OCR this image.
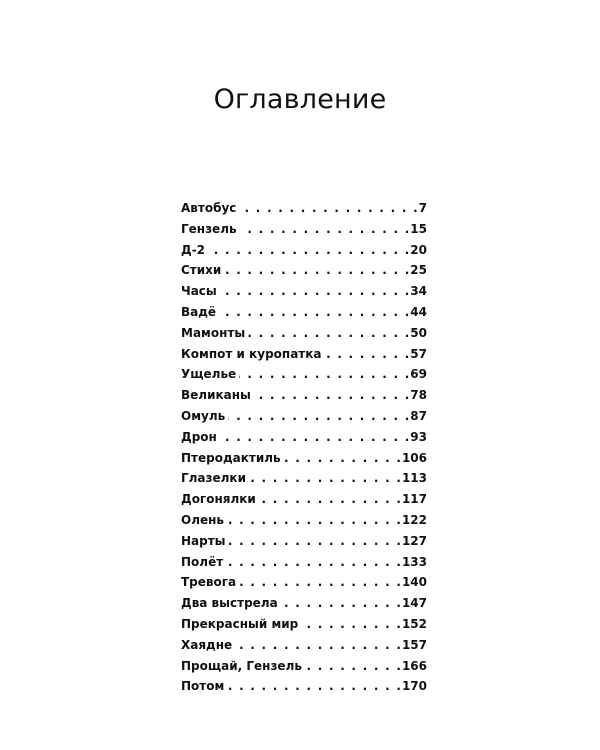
Оглавление
Автобус . . .	7
Гензель . . .	15
Д-2 . . .	20
Стихи . . .	25
Часы . . .	34
Вадё . . .	44
Мамонты . . .	50
Компот и куропатка . . .	57
Ущелье . . .	69
Великаны . . .	78
Омуль . . .	87
Дрон . . .	93
Птеродактиль . . .	106
Глазелки . . .	113
Догонялки . . .	117
Олень . . .	122
Нарты . . .	127
Полёт . . .	133
Тревога . . .	140
Два выстрела . . .	147
Прекрасный мир . . .	152
Хаядне . . .	157
Прощай, Гензель . . .	166
Потом . . .	170
